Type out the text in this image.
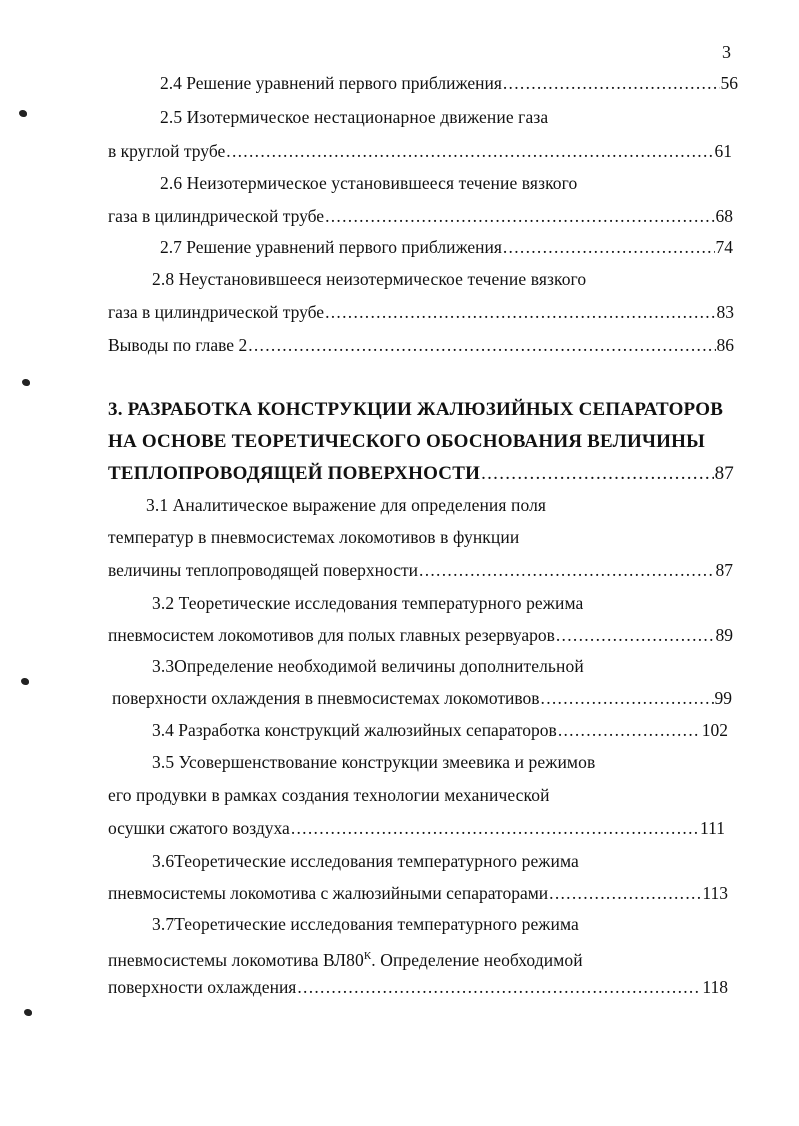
3
2.4 Решение уравнений первого приближения .....	56
2.5 Изотермическое нестационарное движение газа
в круглой трубе .....	61
2.6 Неизотермическое установившееся течение вязкого
газа в цилиндрической трубе .....	68
2.7 Решение уравнений первого приближения .....	74
2.8 Неустановившееся неизотермическое течение вязкого
газа в цилиндрической трубе .....	83
Выводы по главе 2 .....	86
3. РАЗРАБОТКА КОНСТРУКЦИИ ЖАЛЮЗИЙНЫХ СЕПАРАТОРОВ
НА ОСНОВЕ ТЕОРЕТИЧЕСКОГО ОБОСНОВАНИЯ ВЕЛИЧИНЫ
ТЕПЛОПРОВОДЯЩЕЙ ПОВЕРХНОСТИ .....	87
3.1 Аналитическое выражение для определения поля
температур в пневмосистемах локомотивов в функции
величины теплопроводящей поверхности .....	87
3.2 Теоретические исследования температурного режима
пневмосистем локомотивов для полых главных резервуаров .....	89
3.3Определение необходимой величины дополнительной
поверхности охлаждения в пневмосистемах локомотивов .....	99
3.4 Разработка конструкций жалюзийных сепараторов .....	102
3.5 Усовершенствование конструкции змеевика и режимов
его продувки в рамках создания технологии механической
осушки сжатого воздуха .....	111
3.6Теоретические исследования температурного режима
пневмосистемы локомотива с жалюзийными сепараторами .....	113
3.7Теоретические исследования температурного режима
пневмосистемы локомотива $ВЛ80^К$. Определение необходимой
поверхности охлаждения .....	118
